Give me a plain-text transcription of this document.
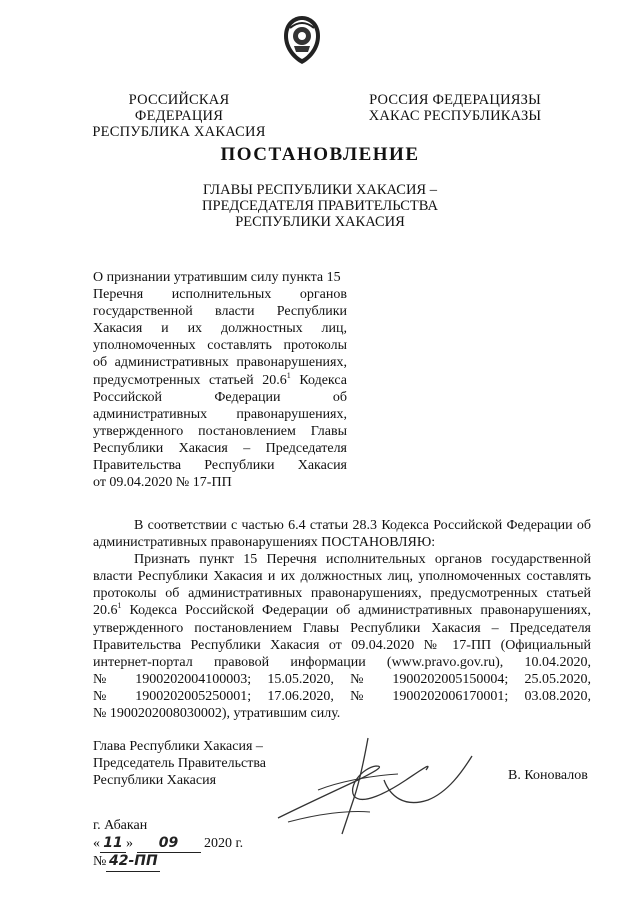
РОССИЙСКАЯ ФЕДЕРАЦИЯ
РЕСПУБЛИКА ХАКАСИЯ
РОССИЯ ФЕДЕРАЦИЯЗЫ
ХАКАС РЕСПУБЛИКАЗЫ
ПОСТАНОВЛЕНИЕ
ГЛАВЫ РЕСПУБЛИКИ ХАКАСИЯ –
ПРЕДСЕДАТЕЛЯ ПРАВИТЕЛЬСТВА
РЕСПУБЛИКИ ХАКАСИЯ
О признании утратившим силу пункта 15
Перечня исполнительных органов
государственной власти Республики
Хакасия и их должностных лиц,
уполномоченных составлять протоколы
об административных правонарушениях,
предусмотренных статьей 20.6$^1$ Кодекса
Российской Федерации об
административных правонарушениях,
утвержденного постановлением Главы
Республики Хакасия – Председателя
Правительства Республики Хакасия
от 09.04.2020 № 17-ПП

В соответствии с частью 6.4 статьи 28.3 Кодекса Российской Федерации об административных правонарушениях ПОСТАНОВЛЯЮ:

Признать пункт 15 Перечня исполнительных органов государственной
власти Республики Хакасия и их должностных лиц, уполномоченных составлять
протоколы об административных правонарушениях, предусмотренных статьей
20.6$^1$ Кодекса Российской Федерации об административных правонарушениях,
утвержденного постановлением Главы Республики Хакасия – Председателя
Правительства Республики Хакасия от 09.04.2020 № 17-ПП (Официальный
интернет-портал правовой информации (www.pravo.gov.ru), 10.04.2020,
№ 1900202004100003; 15.05.2020, № 1900202005150004; 25.05.2020,
№ 1900202005250001; 17.06.2020, № 1900202006170001; 03.08.2020,
№ 1900202008030002), утратившим силу.
Глава Республики Хакасия –
Председатель Правительства
Республики Хакасия	В. Коновалов
г. Абакан
« 11 » 09 2020 г.
№ 42-ПП
